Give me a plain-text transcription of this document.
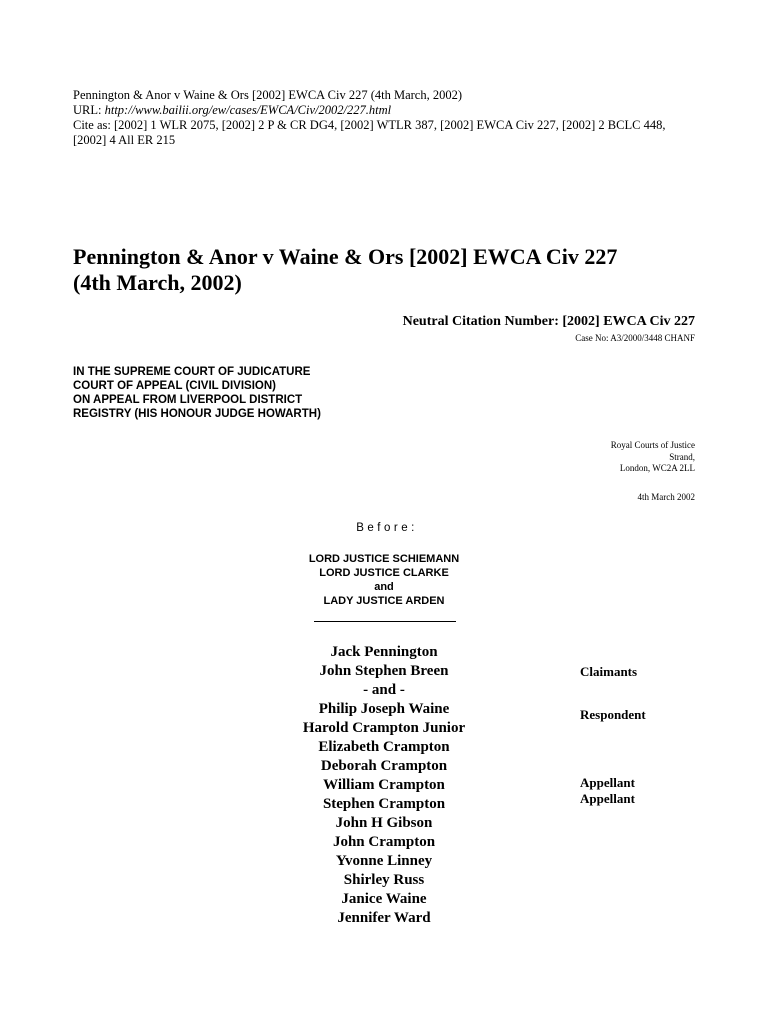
Pennington & Anor v Waine & Ors [2002] EWCA Civ 227 (4th March, 2002)
URL: http://www.bailii.org/ew/cases/EWCA/Civ/2002/227.html
Cite as: [2002] 1 WLR 2075, [2002] 2 P & CR DG4, [2002] WTLR 387, [2002] EWCA Civ 227, [2002] 2 BCLC 448,
[2002] 4 All ER 215
Pennington & Anor v Waine & Ors [2002] EWCA Civ 227
(4th March, 2002)
Neutral Citation Number: [2002] EWCA Civ 227
Case No: A3/2000/3448 CHANF
IN THE SUPREME COURT OF JUDICATURE
COURT OF APPEAL (CIVIL DIVISION)
ON APPEAL FROM LIVERPOOL DISTRICT
REGISTRY (HIS HONOUR JUDGE HOWARTH)
Royal Courts of Justice
Strand,
London, WC2A 2LL
4th March 2002
Before:
LORD JUSTICE SCHIEMANN
LORD JUSTICE CLARKE
and
LADY JUSTICE ARDEN
Jack Pennington
John Stephen Breen
- and -
Philip Joseph Waine
Harold Crampton Junior
Elizabeth Crampton
Deborah Crampton
William Crampton
Stephen Crampton
John H Gibson
John Crampton
Yvonne Linney
Shirley Russ
Janice Waine
Jennifer Ward
Claimants
Respondent
Appellant
Appellant
